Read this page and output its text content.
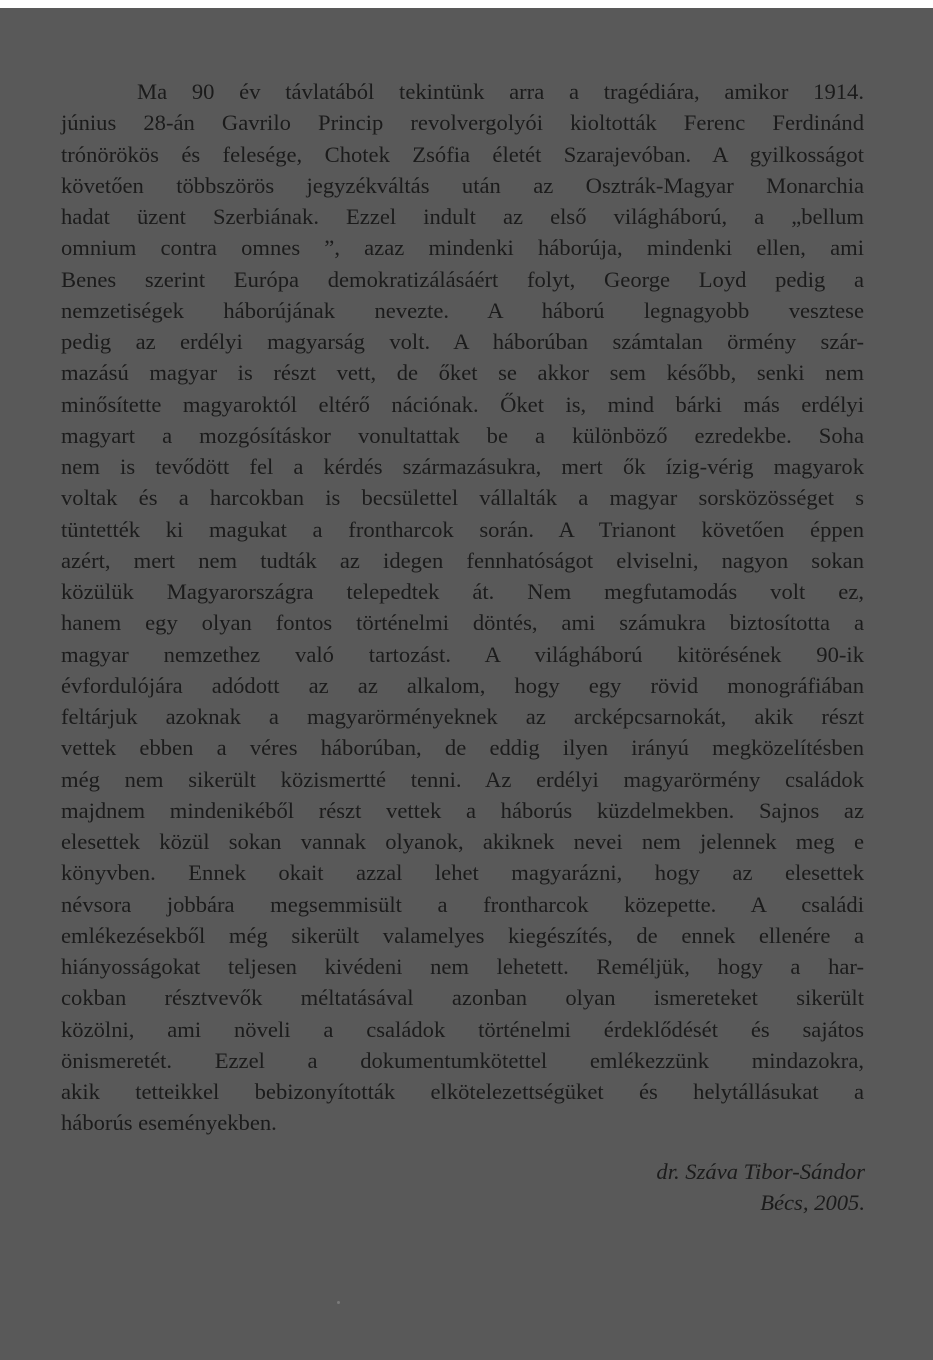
Ma 90 év távlatából tekintünk arra a tragédiára, amikor 1914.
június 28-án Gavrilo Princip revolvergolyói kioltották Ferenc Ferdinánd
trónörökös és felesége, Chotek Zsófia életét Szarajevóban. A gyilkosságot
követően többszörös jegyzékváltás után az Osztrák-Magyar Monarchia
hadat üzent Szerbiának. Ezzel indult az első világháború, a „bellum
omnium contra omnes ”, azaz mindenki háborúja, mindenki ellen, ami
Benes szerint Európa demokratizálásáért folyt, George Loyd pedig a
nemzetiségek háborújának nevezte. A háború legnagyobb vesztese
pedig az erdélyi magyarság volt. A háborúban számtalan örmény szár-
mazású magyar is részt vett, de őket se akkor sem később, senki nem
minősítette magyaroktól eltérő nációnak. Őket is, mind bárki más erdélyi
magyart a mozgósításkor vonultattak be a különböző ezredekbe. Soha
nem is tevődött fel a kérdés származásukra, mert ők ízig-vérig magyarok
voltak és a harcokban is becsülettel vállalták a magyar sorsközösséget s
tüntették ki magukat a frontharcok során. A Trianont követően éppen
azért, mert nem tudták az idegen fennhatóságot elviselni, nagyon sokan
közülük Magyarországra telepedtek át. Nem megfutamodás volt ez,
hanem egy olyan fontos történelmi döntés, ami számukra biztosította a
magyar nemzethez való tartozást. A világháború kitörésének 90-ik
évfordulójára adódott az az alkalom, hogy egy rövid monográfiában
feltárjuk azoknak a magyarörményeknek az arcképcsarnokát, akik részt
vettek ebben a véres háborúban, de eddig ilyen irányú megközelítésben
még nem sikerült közismertté tenni. Az erdélyi magyarörmény családok
majdnem mindenikéből részt vettek a háborús küzdelmekben. Sajnos az
elesettek közül sokan vannak olyanok, akiknek nevei nem jelennek meg e
könyvben. Ennek okait azzal lehet magyarázni, hogy az elesettek
névsora jobbára megsemmisült a frontharcok közepette. A családi
emlékezésekből még sikerült valamelyes kiegészítés, de ennek ellenére a
hiányosságokat teljesen kivédeni nem lehetett. Reméljük, hogy a har-
cokban résztvevők méltatásával azonban olyan ismereteket sikerült
közölni, ami növeli a családok történelmi érdeklődését és sajátos
önismeretét. Ezzel a dokumentumkötettel emlékezzünk mindazokra,
akik tetteikkel bebizonyították elkötelezettségüket és helytállásukat a
háborús eseményekben.
dr. Száva Tibor-Sándor
Bécs, 2005.
